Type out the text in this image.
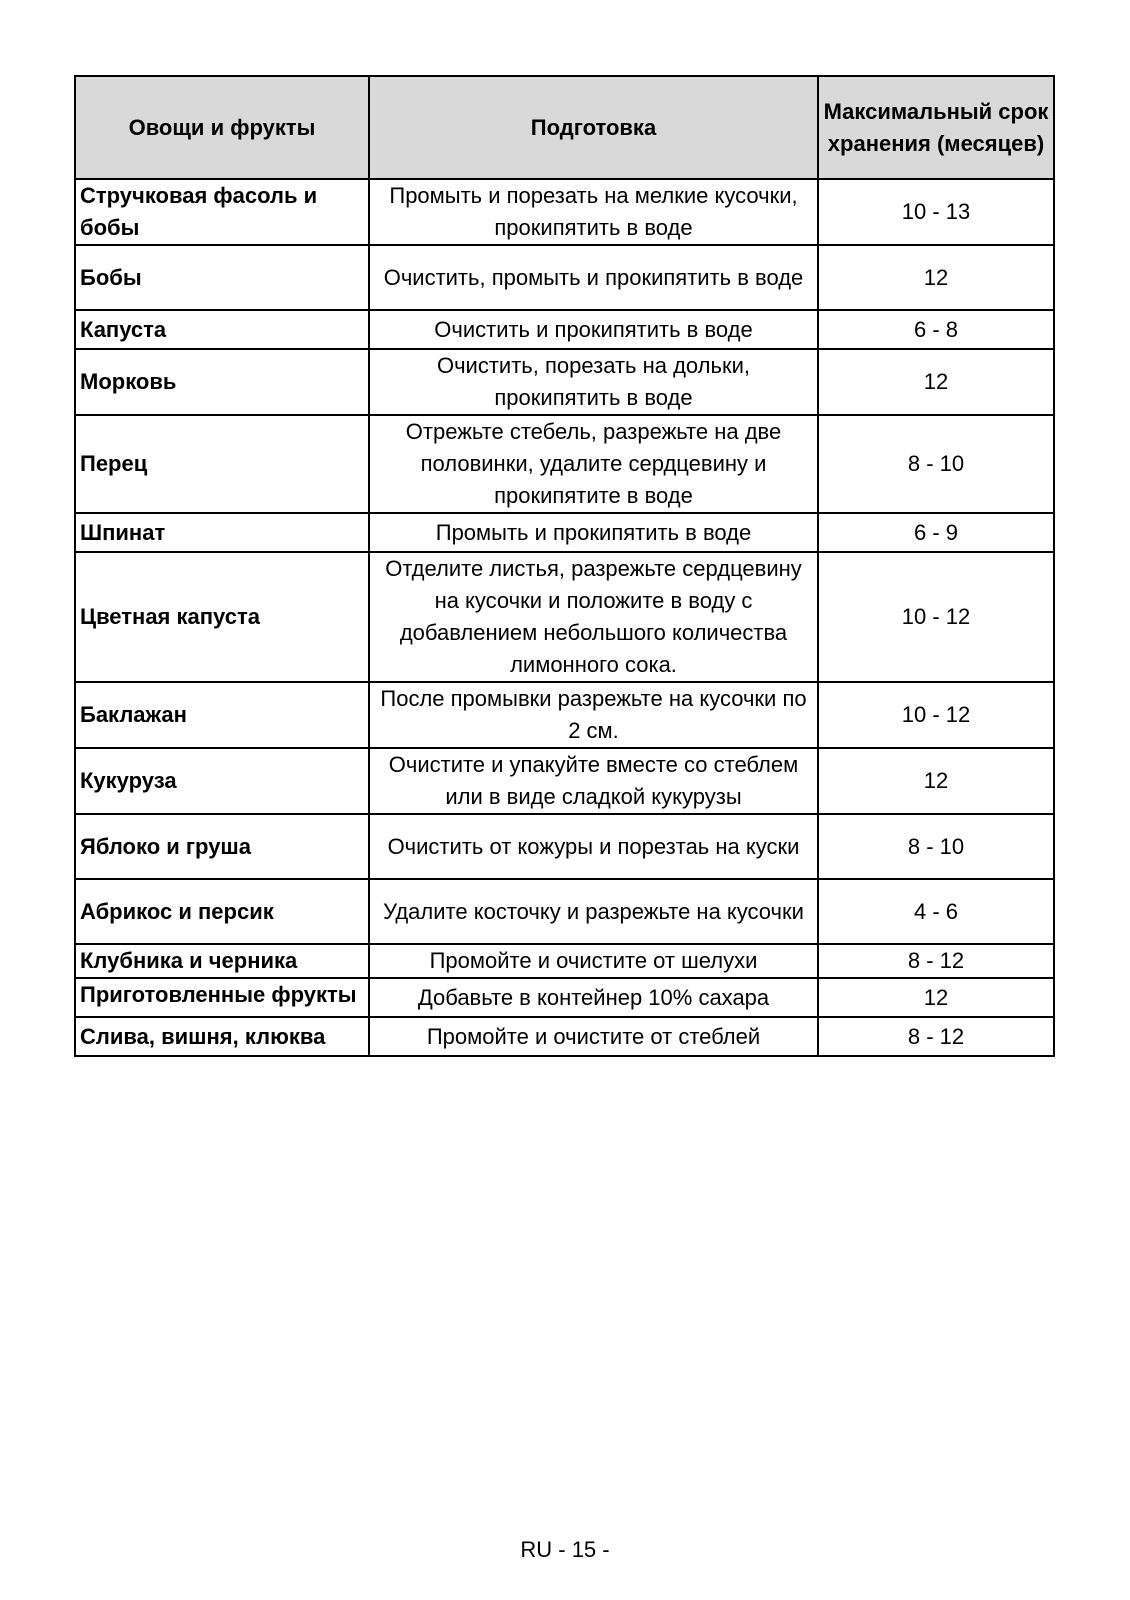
Овощи и фрукты	Подготовка	Максимальный срок хранения (месяцев)
Стручковая фасоль и бобы	Промыть и порезать на мелкие кусочки, прокипятить в воде	10 - 13
Бобы	Очистить, промыть и прокипятить в воде	12
Капуста	Очистить и прокипятить в воде	6 - 8
Морковь	Очистить, порезать на дольки, прокипятить в воде	12
Перец	Отрежьте стебель, разрежьте на две половинки, удалите сердцевину и прокипятите в воде	8 - 10
Шпинат	Промыть и прокипятить в воде	6 - 9
Цветная капуста	Отделите листья, разрежьте сердцевину на кусочки и положите в воду с добавлением небольшого количества лимонного сока.	10 - 12
Баклажан	После промывки разрежьте на кусочки по 2 см.	10 - 12
Кукуруза	Очистите и упакуйте вместе со стеблем или в виде сладкой кукурузы	12
Яблоко и груша	Очистить от кожуры и порезтаь на куски	8 - 10
Абрикос и персик	Удалите косточку и разрежьте на кусочки	4 - 6
Клубника и черника	Промойте и очистите от шелухи	8 - 12

Приготовленные фрукты	Добавьте в контейнер 10% сахара	12
Слива, вишня, клюква	Промойте и очистите от стеблей	8 - 12
RU - 15 -
